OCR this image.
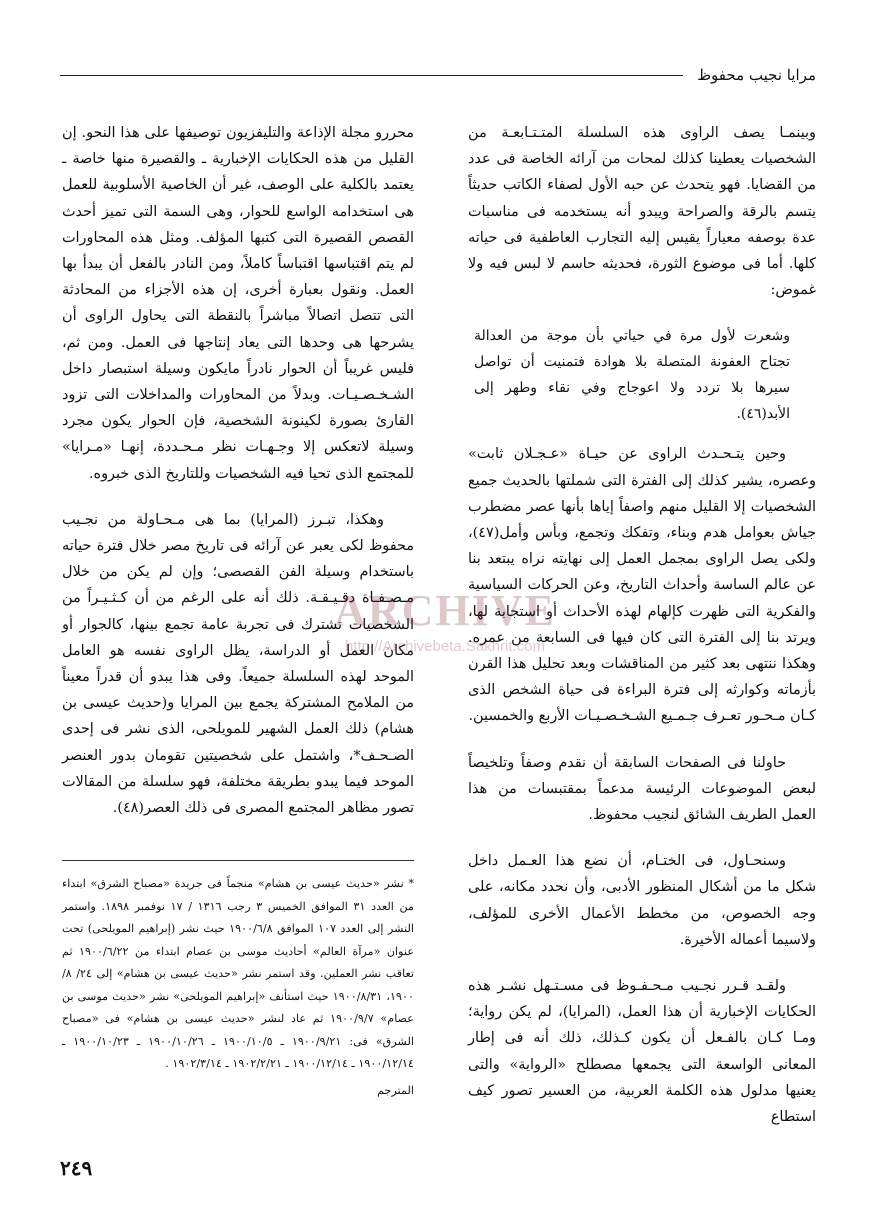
مرايا نجيب محفوظ

وبينمـا يصف الراوى هذه السلسلة المتـتـابعـة من الشخصيات يعطينا كذلك لمحات من آرائه الخاصة فى عدد من القضايا. فهو يتحدث عن حبه الأول لصفاء الكاتب حديثاً يتسم بالرقة والصراحة ويبدو أنه يستخدمه فى مناسبات عدة بوصفه معياراً يقيس إليه التجارب العاطفية فى حياته كلها. أما فى موضوع الثورة، فحديثه حاسم لا لبس فيه ولا غموض:

وشعرت لأول مرة في حياتي بأن موجة من العدالة تجتاح العفونة المتصلة بلا هوادة فتمنيت أن تواصل سيرها بلا تردد ولا اعوجاج وفي نقاء وطهر إلى الأبد(٤٦).

وحين يتـحـدث الراوى عن حيـاة «عـجـلان ثابت» وعصره، يشير كذلك إلى الفترة التى شملتها بالحديث جميع الشخصيات إلا القليل منهم واصفاً إياها بأنها عصر مضطرب جياش بعوامل هدم وبناء، وتفكك وتجمع، وبأس وأمل(٤٧)، ولكى يصل الراوى بمجمل العمل إلى نهايته نراه يبتعد بنا عن عالم الساسة وأحداث التاريخ، وعن الحركات السياسية والفكرية التى ظهرت كإلهام لهذه الأحداث أو استجابة لها، ويرتد بنا إلى الفترة التى كان فيها فى السابعة من عمره. وهكذا ننتهى بعد كثير من المناقشات وبعد تحليل هذا القرن بأزماته وكوارثه إلى فترة البراءة فى حياة الشخص الذى كـان مـحـور تعـرف جـمـيع الشـخـصـيـات الأربع والخمسين.

حاولنا فى الصفحات السابقة أن نقدم وصفاً وتلخيصاً لبعض الموضوعات الرئيسة مدعماً بمقتبسات من هذا العمل الطريف الشائق لنجيب محفوظ.

وسنحـاول، فى الختـام، أن نضع هذا العـمل داخل شكل ما من أشكال المنظور الأدبى، وأن نحدد مكانه، على وجه الخصوص، من مخطط الأعمال الأخرى للمؤلف، ولاسيما أعماله الأخيرة.

ولقـد قـرر نجـيب مـحـفـوظ فى مسـتـهل نشـر هذه الحكايات الإخبارية أن هذا العمل، (المرايا)، لم يكن رواية؛ ومـا كـان بالفـعل أن يكون كـذلك، ذلك أنه فى إطار المعانى الواسعة التى يجمعها مصطلح «الرواية» والتى يعنيها مدلول هذه الكلمة العربية، من العسير تصور كيف استطاع

محررو مجلة الإذاعة والتليفزيون توصيفها على هذا النحو. إن القليل من هذه الحكايات الإخبارية ـ والقصيرة منها خاصة ـ يعتمد بالكلية على الوصف، غير أن الخاصية الأسلوبية للعمل هى استخدامه الواسع للحوار، وهى السمة التى تميز أحدث القصص القصيرة التى كتبها المؤلف. ومثل هذه المحاورات لم يتم اقتباسها اقتباساً كاملاً، ومن النادر بالفعل أن يبدأ بها العمل. ونقول بعبارة أخرى، إن هذه الأجزاء من المحادثة التى تتصل اتصالاً مباشراً بالنقطة التى يحاول الراوى أن يشرحها هى وحدها التى يعاد إنتاجها فى العمل. ومن ثم، فليس غريباً أن الحوار نادراً مايكون وسيلة استبصار داخل الشـخـصـيـات. وبدلاً من المحاورات والمداخلات التى تزود القارئ بصورة لكينونة الشخصية، فإن الحوار يكون مجرد وسيلة لاتعكس إلا وجـهـات نظر مـحـددة، إنهـا «مـرايا» للمجتمع الذى تحيا فيه الشخصيات وللتاريخ الذى خبروه.

وهكذا، تبـرز (المرايا) بما هى مـحـاولة من نجـيب محفوظ لكى يعبر عن آرائه فى تاريخ مصر خلال فترة حياته باستخدام وسيلة الفن القصصى؛ وإن لم يكن من خلال مـصـفـاة دقـيـقـة. ذلك أنه على الرغم من أن كـثـيـراً من الشخصيات تشترك فى تجربة عامة تجمع بينها، كالجوار أو مكان العمل أو الدراسة، يظل الراوى نفسه هو العامل الموحد لهذه السلسلة جميعاً. وفى هذا يبدو أن قدراً معيناً من الملامح المشتركة يجمع بين المرايا و(حديث عيسى بن هشام) ذلك العمل الشهير للمويلحى، الذى نشر فى إحدى الصـحـف*، واشتمل على شخصيتين تقومان بدور العنصر الموحد فيما يبدو بطريقة مختلفة، فهو سلسلة من المقالات تصور مظاهر المجتمع المصرى فى ذلك العصر(٤٨).

* نشر «حديث عيسى بن هشام» منجماً فى جريدة «مصباح الشرق» ابتداء من العدد ٣١ الموافق الخميس ٣ رجب ١٣١٦ / ١٧ نوفمبر ١٨٩٨. واستمر النشر إلى العدد ١٠٧ الموافق ١٩٠٠/٦/٨ حيث نشر (إبراهيم المويلحى) تحت عنوان «مرآة العالم» أحاديث موسى بن عصام ابتداء من ١٩٠٠/٦/٢٢ ثم تعاقب نشر العملين. وقد استمر نشر «حديث عيسى بن هشام» إلى ٢٤/ ٨/ ١٩٠٠، ١٩٠٠/٨/٣١ حيث استأنف «إبراهيم المويلحى» نشر «حديث موسى بن عصام» ١٩٠٠/٩/٧ ثم عاد لنشر «حديث عيسى بن هشام» فى «مصباح الشرق» فى: ١٩٠٠/٩/٢١ ـ ١٩٠٠/١٠/٥ ـ ١٩٠٠/١٠/٢٦ ـ ١٩٠٠/١٠/٢٣ ـ ١٩٠٠/١٢/١٤ ـ ١٩٠٠/١٢/١٤ ـ ١٩٠٢/٢/٢١ ـ ١٩٠٢/٣/١٤ .
المترجم
ARCHIVE
http://Archivebeta.Sakhrit.com
٢٤٩
